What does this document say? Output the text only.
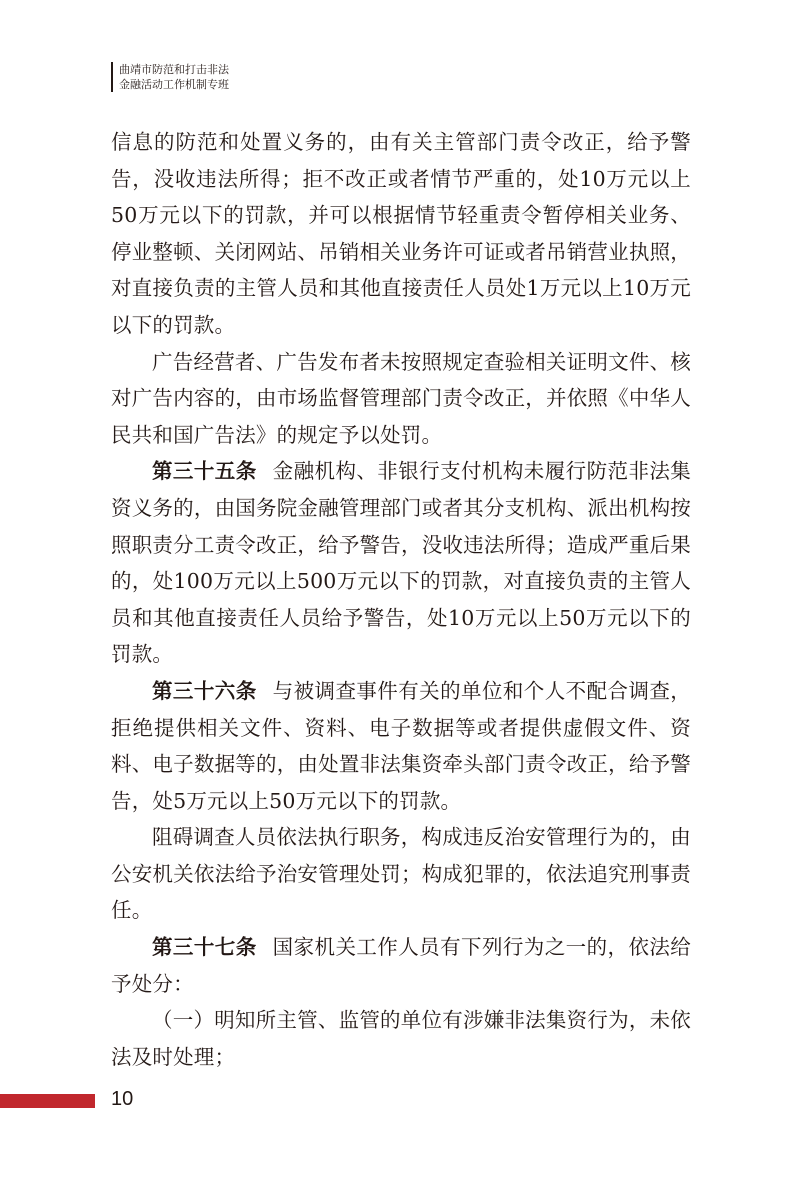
曲靖市防范和打击非法
金融活动工作机制专班

信息的防范和处置义务的，由有关主管部门责令改正，给予警告，没收违法所得；拒不改正或者情节严重的，处10万元以上50万元以下的罚款，并可以根据情节轻重责令暂停相关业务、停业整顿、关闭网站、吊销相关业务许可证或者吊销营业执照，对直接负责的主管人员和其他直接责任人员处1万元以上10万元以下的罚款。

广告经营者、广告发布者未按照规定查验相关证明文件、核对广告内容的，由市场监督管理部门责令改正，并依照《中华人民共和国广告法》的规定予以处罚。

第三十五条 金融机构、非银行支付机构未履行防范非法集资义务的，由国务院金融管理部门或者其分支机构、派出机构按照职责分工责令改正，给予警告，没收违法所得；造成严重后果的，处100万元以上500万元以下的罚款，对直接负责的主管人员和其他直接责任人员给予警告，处10万元以上50万元以下的罚款。

第三十六条 与被调查事件有关的单位和个人不配合调查，拒绝提供相关文件、资料、电子数据等或者提供虚假文件、资料、电子数据等的，由处置非法集资牵头部门责令改正，给予警告，处5万元以上50万元以下的罚款。

阻碍调查人员依法执行职务，构成违反治安管理行为的，由公安机关依法给予治安管理处罚；构成犯罪的，依法追究刑事责任。

第三十七条 国家机关工作人员有下列行为之一的，依法给予处分：

（一）明知所主管、监管的单位有涉嫌非法集资行为，未依法及时处理；

10
